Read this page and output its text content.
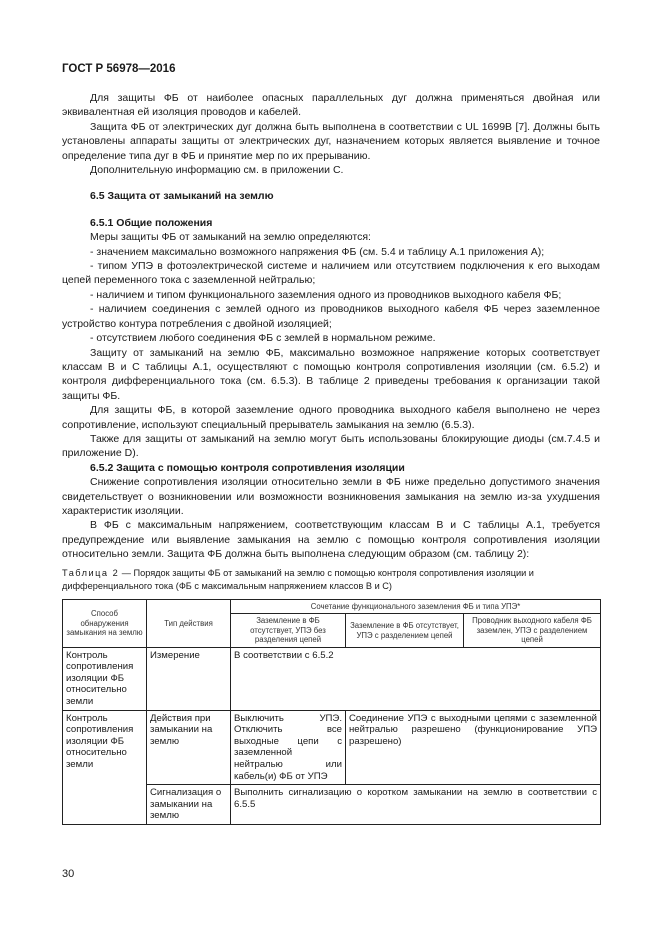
ГОСТ Р 56978—2016

Для защиты ФБ от наиболее опасных параллельных дуг должна применяться двойная или эквивалентная ей изоляция проводов и кабелей.

Защита ФБ от электрических дуг должна быть выполнена в соответствии с UL 1699B [7]. Должны быть установлены аппараты защиты от электрических дуг, назначением которых является выявление и точное определение типа дуг в ФБ и принятие мер по их прерыванию.

Дополнительную информацию см. в приложении С.

6.5 Защита от замыканий на землю
6.5.1 Общие положения

Меры защиты ФБ от замыканий на землю определяются:

- значением максимально возможного напряжения ФБ (см. 5.4 и таблицу А.1 приложения А);

- типом УПЭ в фотоэлектрической системе и наличием или отсутствием подключения к его выходам цепей переменного тока с заземленной нейтралью;

- наличием и типом функционального заземления одного из проводников выходного кабеля ФБ;

- наличием соединения с землей одного из проводников выходного кабеля ФБ через заземленное устройство контура потребления с двойной изоляцией;

- отсутствием любого соединения ФБ с землей в нормальном режиме.

Защиту от замыканий на землю ФБ, максимально возможное напряжение которых соответствует классам В и С таблицы А.1, осуществляют с помощью контроля сопротивления изоляции (см. 6.5.2) и контроля дифференциального тока (см. 6.5.3). В таблице 2 приведены требования к организации такой защиты ФБ.

Для защиты ФБ, в которой заземление одного проводника выходного кабеля выполнено не через сопротивление, используют специальный прерыватель замыкания на землю (6.5.3).

Также для защиты от замыканий на землю могут быть использованы блокирующие диоды (см.7.4.5 и приложение D).

6.5.2 Защита с помощью контроля сопротивления изоляции

Снижение сопротивления изоляции относительно земли в ФБ ниже предельно допустимого значения свидетельствует о возникновении или возможности возникновения замыкания на землю из-за ухудшения характеристик изоляции.

В ФБ с максимальным напряжением, соответствующим классам В и С таблицы А.1, требуется предупреждение или выявление замыкания на землю с помощью контроля сопротивления изоляции относительно земли. Защита ФБ должна быть выполнена следующим образом (см. таблицу 2):

Таблица 2 — Порядок защиты ФБ от замыканий на землю с помощью контроля сопротивления изоляции и дифференциального тока (ФБ с максимальным напряжением классов В и С)
Способ обнаружения замыкания на землю	Тип действия	Сочетание функционального заземления ФБ и типа УПЭ*		
		Заземление в ФБ отсутствует, УПЭ без разделения цепей	Заземление в ФБ отсутствует, УПЭ с разделением цепей	Проводник выходного кабеля ФБ заземлен, УПЭ с разделением цепей
Контроль сопротивления изоляции ФБ относительно земли	Измерение	В соответствии с 6.5.2		
Контроль сопротивления изоляции ФБ относительно земли	Действия при замыкании на землю	Выключить УПЭ. Отключить все выходные цепи с заземленной нейтралью или кабель(и) ФБ от УПЭ	Соединение УПЭ с выходными цепями с заземленной нейтралью разрешено (функционирование УПЭ разрешено)	
	Сигнализация о замыкании на землю	Выполнить сигнализацию о коротком замыкании на землю в соответствии с 6.5.5		
30
